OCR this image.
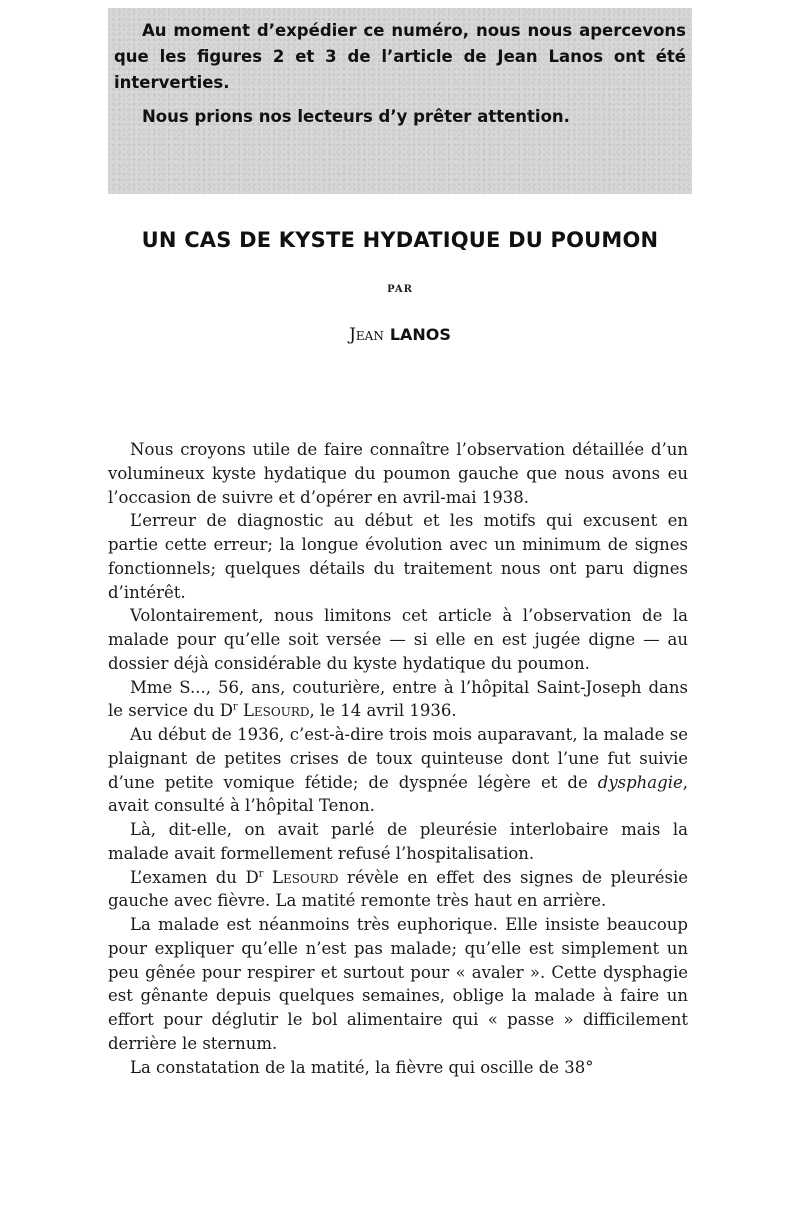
Au moment d’expédier ce numéro, nous nous apercevons que les figures 2 et 3 de l’article de Jean Lanos ont été interverties.

Nous prions nos lecteurs d’y prêter attention.

UN CAS DE KYSTE HYDATIQUE DU POUMON
PAR
Jean LANOS

Nous croyons utile de faire connaître l’observation détaillée d’un volumineux kyste hydatique du poumon gauche que nous avons eu l’occasion de suivre et d’opérer en avril-mai 1938.

L’erreur de diagnostic au début et les motifs qui excusent en partie cette erreur; la longue évolution avec un minimum de signes fonctionnels; quelques détails du traitement nous ont paru dignes d’intérêt.

Volontairement, nous limitons cet article à l’observation de la malade pour qu’elle soit versée — si elle en est jugée digne — au dossier déjà considérable du kyste hydatique du poumon.

Mme S..., 56, ans, couturière, entre à l’hôpital Saint-Joseph dans le service du $D^r$ Lesourd, le 14 avril 1936.

Au début de 1936, c’est-à-dire trois mois auparavant, la malade se plaignant de petites crises de toux quinteuse dont l’une fut suivie d’une petite vomique fétide; de dyspnée légère et de dysphagie, avait consulté à l’hôpital Tenon.

Là, dit-elle, on avait parlé de pleurésie interlobaire mais la malade avait formellement refusé l’hospitalisation.

L’examen du $D^r$ Lesourd révèle en effet des signes de pleurésie gauche avec fièvre. La matité remonte très haut en arrière.

La malade est néanmoins très euphorique. Elle insiste beaucoup pour expliquer qu’elle n’est pas malade; qu’elle est simplement un peu gênée pour respirer et surtout pour « avaler ». Cette dysphagie est gênante depuis quelques semaines, oblige la malade à faire un effort pour déglutir le bol alimentaire qui « passe » difficilement derrière le sternum.

La constatation de la matité, la fièvre qui oscille de 38°
